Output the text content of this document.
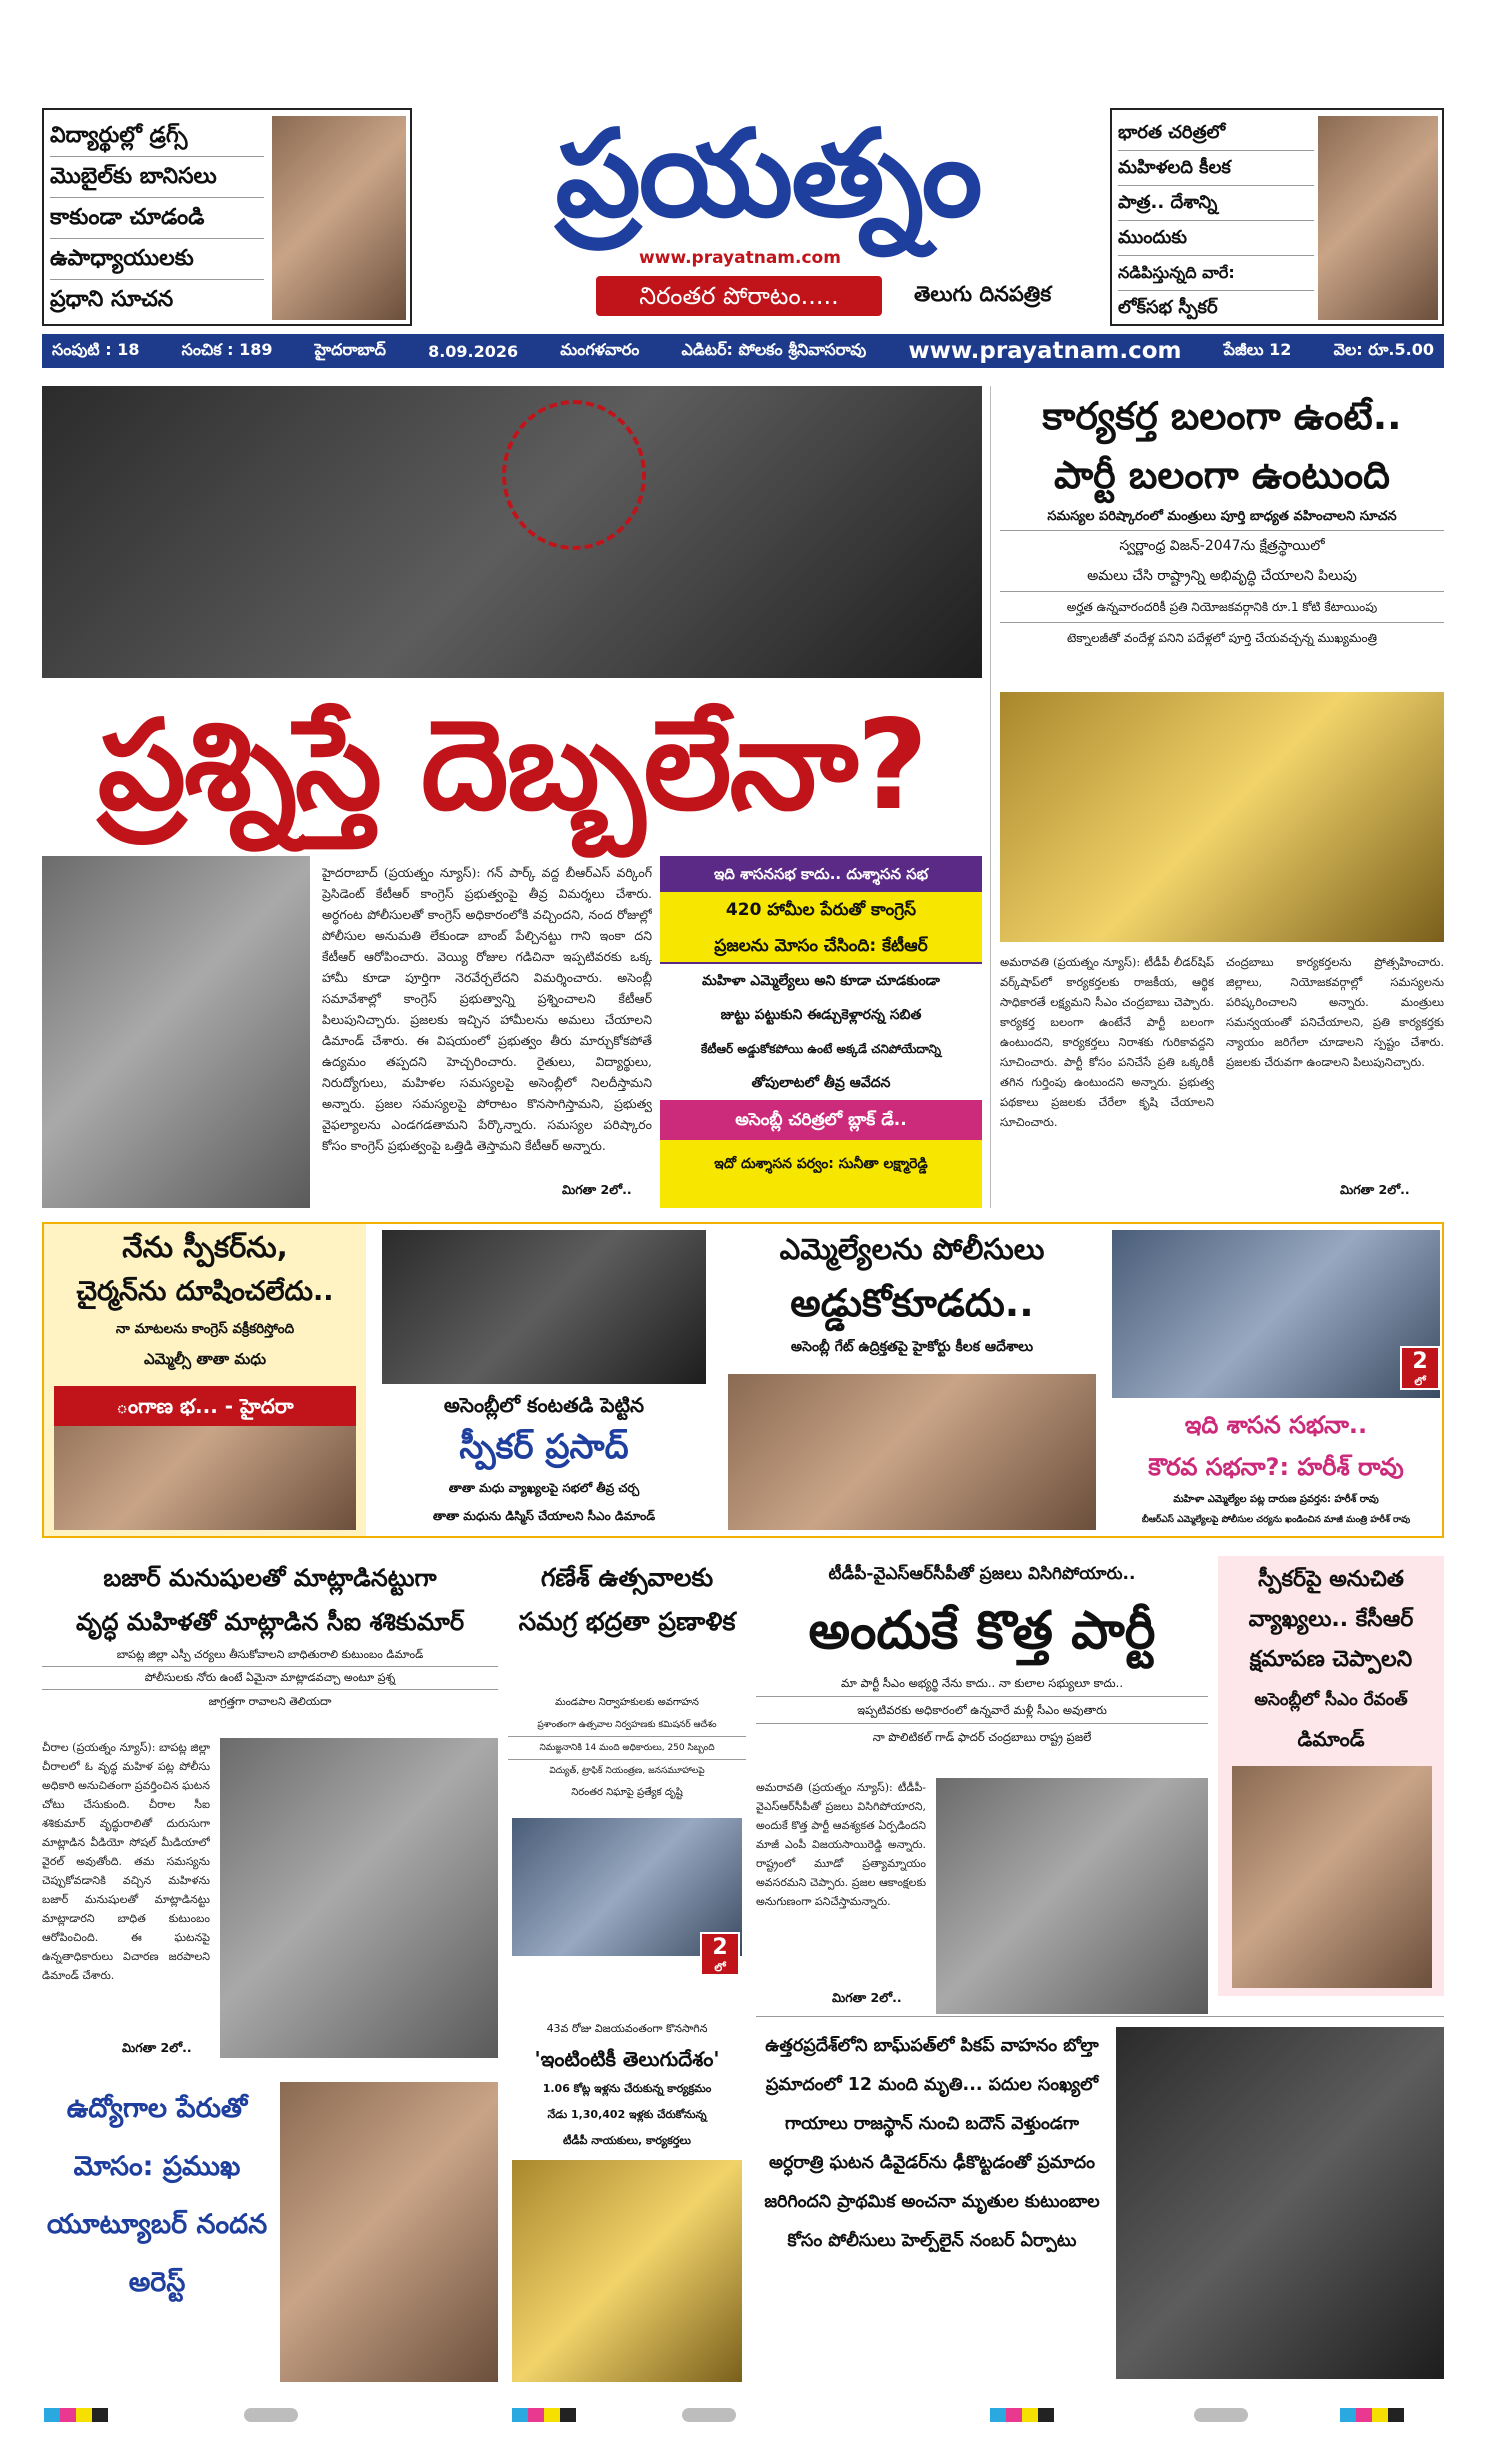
విద్యార్థుల్లో డ్రగ్స్
మొబైల్‌కు బానిసలు
కాకుండా చూడండి
ఉపాధ్యాయులకు
ప్రధాని సూచన
ప్రయత్నం
www.prayatnam.com
నిరంతర పోరాటం.....	తెలుగు దినపత్రిక
భారత చరిత్రలో
మహిళలది కీలక
పాత్ర.. దేశాన్ని
ముందుకు
నడిపిస్తున్నది వారే:
లోక్‌సభ స్పీకర్
సంపుటి : 18	సంచిక : 189	హైదరాబాద్	8.09.2026	మంగళవారం	ఎడిటర్: పోలకం శ్రీనివాసరావు www.prayatnam.com	పేజీలు 12	వెల: రూ.5.00
ప్రశ్నిస్తే దెబ్బలేనా?
హైదరాబాద్ (ప్రయత్నం న్యూస్): గన్ పార్క్ వద్ద బీఆర్ఎస్ వర్కింగ్ ప్రెసిడెంట్ కేటీఆర్ కాంగ్రెస్ ప్రభుత్వంపై తీవ్ర విమర్శలు చేశారు. అర్ధగంట పోలీసులతో కాంగ్రెస్ అధికారంలోకి వచ్చిందని, నంద రోజుల్లో పోలీసుల అనుమతి లేకుండా బాంబ్ పేల్చినట్టు గాని ఇంకా దని కేటీఆర్ ఆరోపించారు. వెయ్యి రోజుల గడిచినా ఇప్పటివరకు ఒక్క హామీ కూడా పూర్తిగా నెరవేర్చలేదని విమర్శించారు. అసెంబ్లీ సమావేశాల్లో కాంగ్రెస్ ప్రభుత్వాన్ని ప్రశ్నించాలని కేటీఆర్ పిలుపునిచ్చారు. ప్రజలకు ఇచ్చిన హామీలను అమలు చేయాలని డిమాండ్ చేశారు. ఈ విషయంలో ప్రభుత్వం తీరు మార్చుకోకపోతే ఉద్యమం తప్పదని హెచ్చరించారు. రైతులు, విద్యార్థులు, నిరుద్యోగులు, మహిళల సమస్యలపై అసెంబ్లీలో నిలదీస్తామని అన్నారు. ప్రజల సమస్యలపై పోరాటం కొనసాగిస్తామని, ప్రభుత్వ వైఫల్యాలను ఎండగడతామని పేర్కొన్నారు. సమస్యల పరిష్కారం కోసం కాంగ్రెస్ ప్రభుత్వంపై ఒత్తిడి తెస్తామని కేటీఆర్ అన్నారు.
మిగతా 2లో..
ఇది శాసనసభ కాదు.. దుశ్శాసన సభ
420 హామీల పేరుతో కాంగ్రెస్
ప్రజలను మోసం చేసింది: కేటీఆర్
మహిళా ఎమ్మెల్యేలు అని కూడా చూడకుండా
జుట్టు పట్టుకుని ఈడ్చుకెళ్లారన్న సబిత
కేటీఆర్ అడ్డుకోకపోయి ఉంటే అక్కడే చనిపోయేదాన్ని
తోపులాటలో తీవ్ర ఆవేదన
అసెంబ్లీ చరిత్రలో బ్లాక్ డే..
ఇదో దుశ్శాసన పర్వం: సునీతా లక్ష్మారెడ్డి
కార్యకర్త బలంగా ఉంటే..
పార్టీ బలంగా ఉంటుంది
సమస్యల పరిష్కారంలో మంత్రులు పూర్తి బాధ్యత వహించాలని సూచన
స్వర్ణాంధ్ర విజన్-2047ను క్షేత్రస్థాయిలో
అమలు చేసి రాష్ట్రాన్ని అభివృద్ధి చేయాలని పిలుపు
అర్హత ఉన్నవారందరికీ ప్రతి నియోజకవర్గానికి రూ.1 కోటి కేటాయింపు
టెక్నాలజీతో వందేళ్ల పనిని పదేళ్లలో పూర్తి చేయవచ్చన్న ముఖ్యమంత్రి
అమరావతి (ప్రయత్నం న్యూస్): టీడీపీ లీడర్‌షిప్ వర్క్‌షాప్‌లో కార్యకర్తలకు రాజకీయ, ఆర్థిక సాధికారతే లక్ష్యమని సీఎం చంద్రబాబు చెప్పారు. కార్యకర్త బలంగా ఉంటేనే పార్టీ బలంగా ఉంటుందని, కార్యకర్తలు నిరాశకు గురికావద్దని సూచించారు. పార్టీ కోసం పనిచేసే ప్రతి ఒక్కరికీ తగిన గుర్తింపు ఉంటుందని అన్నారు. ప్రభుత్వ పథకాలు ప్రజలకు చేరేలా కృషి చేయాలని సూచించారు.
చంద్రబాబు కార్యకర్తలను ప్రోత్సహించారు. జిల్లాలు, నియోజకవర్గాల్లో సమస్యలను పరిష్కరించాలని అన్నారు. మంత్రులు సమన్వయంతో పనిచేయాలని, ప్రతి కార్యకర్తకు న్యాయం జరిగేలా చూడాలని స్పష్టం చేశారు. ప్రజలకు చేరువగా ఉండాలని పిలుపునిచ్చారు.
మిగతా 2లో..
నేను స్పీకర్‌ను,
చైర్మన్‌ను దూషించలేదు..
నా మాటలను కాంగ్రెస్ వక్రీకరిస్తోంది
ఎమ్మెల్సీ తాతా మధు
ంగాణ భ... - హైదరా	అసెంబ్లీలో కంటతడి పెట్టిన
స్పీకర్ ప్రసాద్
తాతా మధు వ్యాఖ్యలపై సభలో తీవ్ర చర్చ
తాతా మధును డిస్మిస్ చేయాలని సీఎం డిమాండ్
ఎమ్మెల్యేలను పోలీసులు
అడ్డుకోకూడదు..
అసెంబ్లీ గేట్ ఉద్రిక్తతపై హైకోర్టు కీలక ఆదేశాలు
2
లో
ఇది శాసన సభనా..
కౌరవ సభనా?: హరీశ్ రావు
మహిళా ఎమ్మెల్యేల పట్ల దారుణ ప్రవర్తన: హరీశ్ రావు
బీఆర్ఎస్ ఎమ్మెల్యేలపై పోలీసుల చర్యను ఖండించిన మాజీ మంత్రి హరీశ్ రావు
బజార్ మనుషులతో మాట్లాడినట్టుగా
వృద్ధ మహిళతో మాట్లాడిన సీఐ శశికుమార్
బాపట్ల జిల్లా ఎస్పీ చర్యలు తీసుకోవాలని బాధితురాలి కుటుంబం డిమాండ్
పోలీసులకు నోరు ఉంటే ఏమైనా మాట్లాడవచ్చా అంటూ ప్రశ్న
జాగ్రత్తగా రావాలని తెలియదా
చీరాల (ప్రయత్నం న్యూస్): బాపట్ల జిల్లా చీరాలలో ఓ వృద్ధ మహిళ పట్ల పోలీసు అధికారి అనుచితంగా ప్రవర్తించిన ఘటన చోటు చేసుకుంది. చీరాల సీఐ శశికుమార్ వృద్ధురాలితో దురుసుగా మాట్లాడిన వీడియో సోషల్ మీడియాలో వైరల్ అవుతోంది. తమ సమస్యను చెప్పుకోవడానికి వచ్చిన మహిళను బజార్ మనుషులతో మాట్లాడినట్టు మాట్లాడారని బాధిత కుటుంబం ఆరోపించింది. ఈ ఘటనపై ఉన్నతాధికారులు విచారణ జరపాలని డిమాండ్ చేశారు.
మిగతా 2లో..
గణేశ్ ఉత్సవాలకు సమగ్ర భద్రతా ప్రణాళిక
మండపాల నిర్వాహకులకు అవగాహన
ప్రశాంతంగా ఉత్సవాల నిర్వహణకు కమిషనర్ ఆదేశం
నిమజ్జనానికి 14 మంది అధికారులు, 250 సిబ్బంది
విద్యుత్, ట్రాఫిక్ నియంత్రణ, జనసమూహాలపై
నిరంతర నిఘాపై ప్రత్యేక దృష్టి
2
లో
43వ రోజు విజయవంతంగా కొనసాగిన
'ఇంటింటికీ తెలుగుదేశం'
1.06 కోట్ల ఇళ్లను చేరుకున్న కార్యక్రమం
నేడు 1,30,402 ఇళ్లకు చేరుకోనున్న
టీడీపీ నాయకులు, కార్యకర్తలు
టీడీపీ-వైఎస్‌ఆర్‌సీపీతో ప్రజలు విసిగిపోయారు..
అందుకే కొత్త పార్టీ
మా పార్టీ సీఎం అభ్యర్థి నేను కాదు.. నా కులాల సభ్యులూ కాదు..
ఇప్పటివరకు అధికారంలో ఉన్నవారే మళ్లీ సీఎం అవుతారు
నా పొలిటికల్ గాడ్ ఫాదర్ చంద్రబాబు రాష్ట్ర ప్రజలే
అమరావతి (ప్రయత్నం న్యూస్): టీడీపీ-వైఎస్‌ఆర్‌సీపీతో ప్రజలు విసిగిపోయారని, అందుకే కొత్త పార్టీ ఆవశ్యకత ఏర్పడిందని మాజీ ఎంపీ విజయసాయిరెడ్డి అన్నారు. రాష్ట్రంలో మూడో ప్రత్యామ్నాయం అవసరమని చెప్పారు. ప్రజల ఆకాంక్షలకు అనుగుణంగా పనిచేస్తామన్నారు.
మిగతా 2లో..
స్పీకర్‌పై అనుచిత
వ్యాఖ్యలు.. కేసీఆర్
క్షమాపణ చెప్పాలని
అసెంబ్లీలో సీఎం రేవంత్
డిమాండ్
ఉద్యోగాల పేరుతో మోసం: ప్రముఖ యూట్యూబర్ నందన అరెస్ట్
ఉత్తరప్రదేశ్‌లోని బాఘ్‌పత్‌లో పికప్ వాహనం బోల్తా ప్రమాదంలో 12 మంది మృతి... పదుల సంఖ్యలో గాయాలు రాజస్థాన్ నుంచి బదౌన్ వెళ్తుండగా అర్ధరాత్రి ఘటన డివైడర్‌ను ఢీకొట్టడంతో ప్రమాదం జరిగిందని ప్రాథమిక అంచనా మృతుల కుటుంబాల కోసం పోలీసులు హెల్ప్‌లైన్ నంబర్ ఏర్పాటు
